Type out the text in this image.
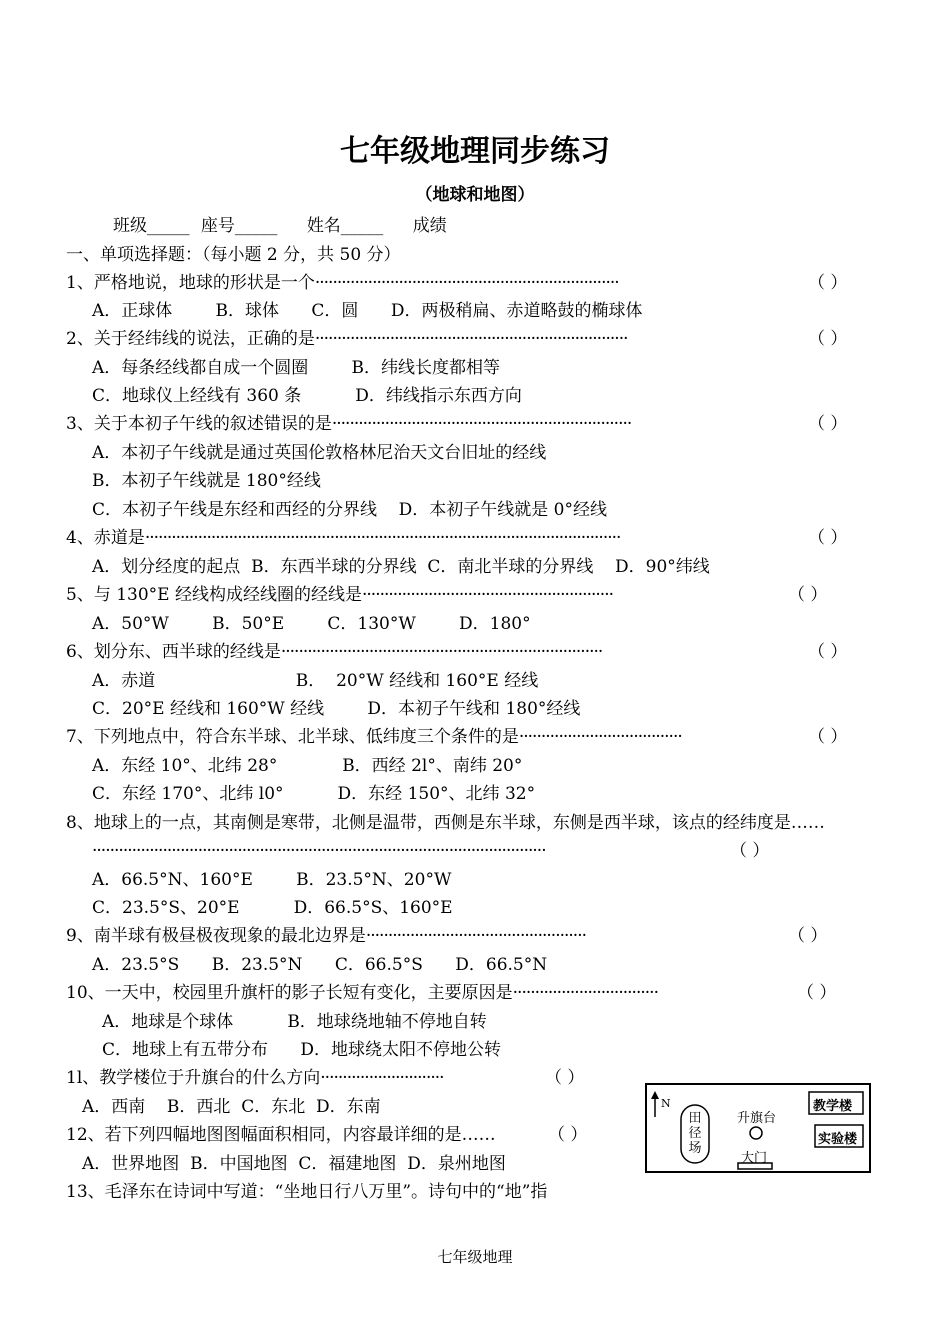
七年级地理同步练习
（地球和地图）
班级_____ 座号_____ 姓名_____ 成绩
一、单项选择题：（每小题 2 分，共 50 分）
1、严格地说，地球的形状是一个·····································································	（ ）
A．正球体        B．球体      C．圆      D．两极稍扁、赤道略鼓的椭球体
2、关于经纬线的说法，正确的是·······································································	（ ）
A．每条经线都自成一个圆圈        B．纬线长度都相等
C．地球仪上经线有 360 条          D．纬线指示东西方向
3、关于本初子午线的叙述错误的是····································································	（ ）
A．本初子午线就是通过英国伦敦格林尼治天文台旧址的经线
B．本初子午线就是 180°经线
C．本初子午线是东经和西经的分界线    D．本初子午线就是 0°经线
4、赤道是············································································································	（ ）
A．划分经度的起点  B．东西半球的分界线  C．南北半球的分界线    D．90°纬线
5、与 130°E 经线构成经线圈的经线是·························································	（ ）
A．50°W        B．50°E        C．130°W        D．180°
6、划分东、西半球的经线是·········································································	（ ）
A．赤道                          B．  20°W 经线和 160°E 经线
C．20°E 经线和 160°W 经线        D．本初子午线和 180°经线
7、下列地点中，符合东半球、北半球、低纬度三个条件的是·····································	（ ）
A．东经 10°、北纬 28°            B．西经 2l°、南纬 20°
C．东经 170°、北纬 l0°          D．东经 150°、北纬 32°
8、地球上的一点，其南侧是寒带，北侧是温带，西侧是东半球，东侧是西半球，该点的经纬度是……
·······································································································	（ ）
A．66.5°N、160°E        B．23.5°N、20°W
C．23.5°S、20°E          D．66.5°S、160°E
9、南半球有极昼极夜现象的最北边界是··················································	（ ）
A．23.5°S      B．23.5°N      C．66.5°S      D．66.5°N
10、一天中，校园里升旗杆的影子长短有变化，主要原因是·································	（ ）
A．地球是个球体          B．地球绕地轴不停地自转
C．地球上有五带分布      D．地球绕太阳不停地公转
1l、教学楼位于升旗台的什么方向····························	（ ）
A．西南    B．西北  C．东北  D．东南
12、若下列四幅地图图幅面积相同，内容最详细的是……	（ ）
A．世界地图  B．中国地图  C．福建地图  D．泉州地图
13、毛泽东在诗词中写道：“坐地日行八万里”。诗句中的“地”指
N
田径场
升旗台
教学楼
实验楼
大门
七年级地理
